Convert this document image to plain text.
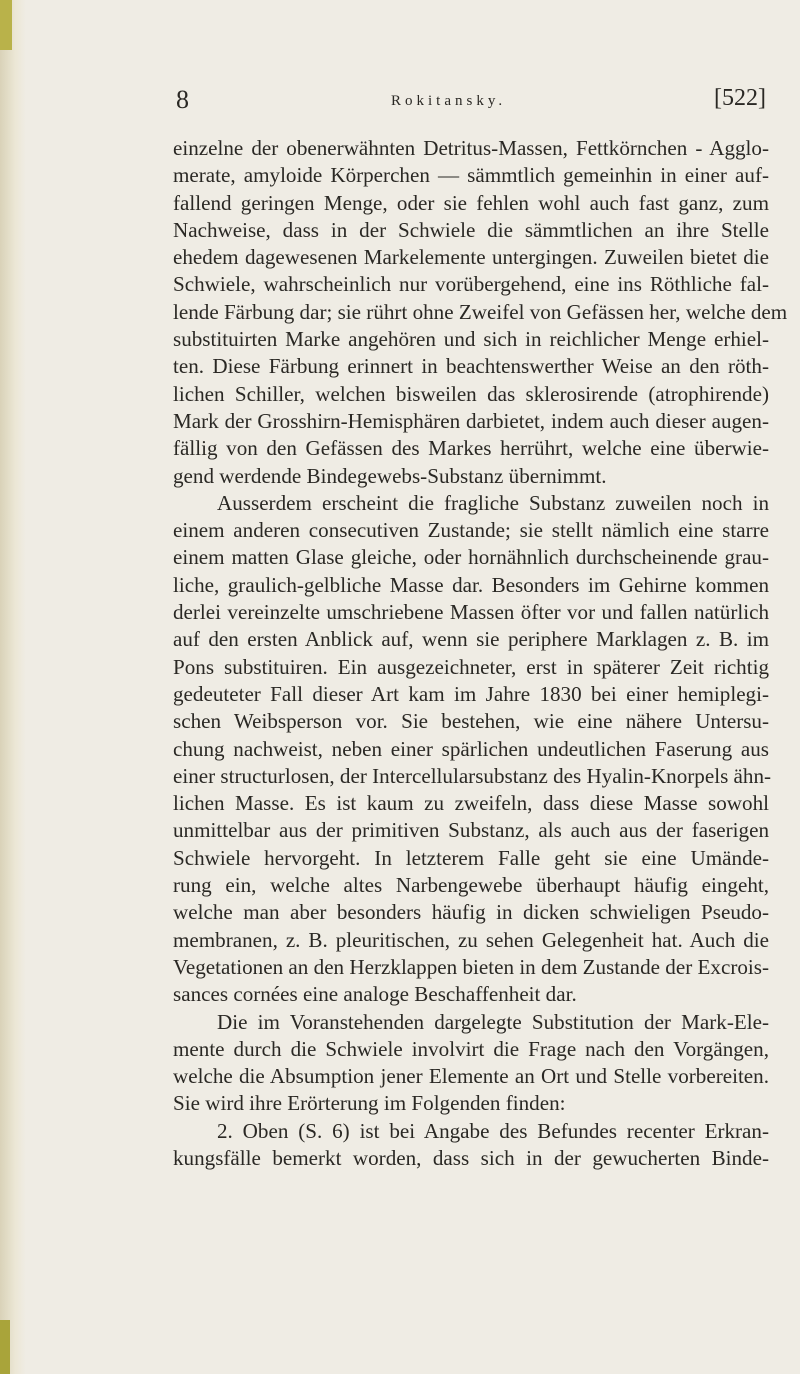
8	Rokitansky.	[522]
einzelne der obenerwähnten Detritus-Massen, Fettkörnchen - Agglo-
merate, amyloide Körperchen — sämmtlich gemeinhin in einer auf-
fallend geringen Menge, oder sie fehlen wohl auch fast ganz, zum
Nachweise, dass in der Schwiele die sämmtlichen an ihre Stelle
ehedem dagewesenen Markelemente untergingen. Zuweilen bietet die
Schwiele, wahrscheinlich nur vorübergehend, eine ins Röthliche fal-
lende Färbung dar; sie rührt ohne Zweifel von Gefässen her, welche dem
substituirten Marke angehören und sich in reichlicher Menge erhiel-
ten. Diese Färbung erinnert in beachtenswerther Weise an den röth-
lichen Schiller, welchen bisweilen das sklerosirende (atrophirende)
Mark der Grosshirn-Hemisphären darbietet, indem auch dieser augen-
fällig von den Gefässen des Markes herrührt, welche eine überwie-
gend werdende Bindegewebs-Substanz übernimmt.
Ausserdem erscheint die fragliche Substanz zuweilen noch in
einem anderen consecutiven Zustande; sie stellt nämlich eine starre
einem matten Glase gleiche, oder hornähnlich durchscheinende grau-
liche, graulich-gelbliche Masse dar. Besonders im Gehirne kommen
derlei vereinzelte umschriebene Massen öfter vor und fallen natürlich
auf den ersten Anblick auf, wenn sie periphere Marklagen z. B. im
Pons substituiren. Ein ausgezeichneter, erst in späterer Zeit richtig
gedeuteter Fall dieser Art kam im Jahre 1830 bei einer hemiplegi-
schen Weibsperson vor. Sie bestehen, wie eine nähere Untersu-
chung nachweist, neben einer spärlichen undeutlichen Faserung aus
einer structurlosen, der Intercellularsubstanz des Hyalin-Knorpels ähn-
lichen Masse. Es ist kaum zu zweifeln, dass diese Masse sowohl
unmittelbar aus der primitiven Substanz, als auch aus der faserigen
Schwiele hervorgeht. In letzterem Falle geht sie eine Umände-
rung ein, welche altes Narbengewebe überhaupt häufig eingeht,
welche man aber besonders häufig in dicken schwieligen Pseudo-
membranen, z. B. pleuritischen, zu sehen Gelegenheit hat. Auch die
Vegetationen an den Herzklappen bieten in dem Zustande der Excrois-
sances cornées eine analoge Beschaffenheit dar.
Die im Voranstehenden dargelegte Substitution der Mark-Ele-
mente durch die Schwiele involvirt die Frage nach den Vorgängen,
welche die Absumption jener Elemente an Ort und Stelle vorbereiten.
Sie wird ihre Erörterung im Folgenden finden:
2. Oben (S. 6) ist bei Angabe des Befundes recenter Erkran-
kungsfälle bemerkt worden, dass sich in der gewucherten Binde-
